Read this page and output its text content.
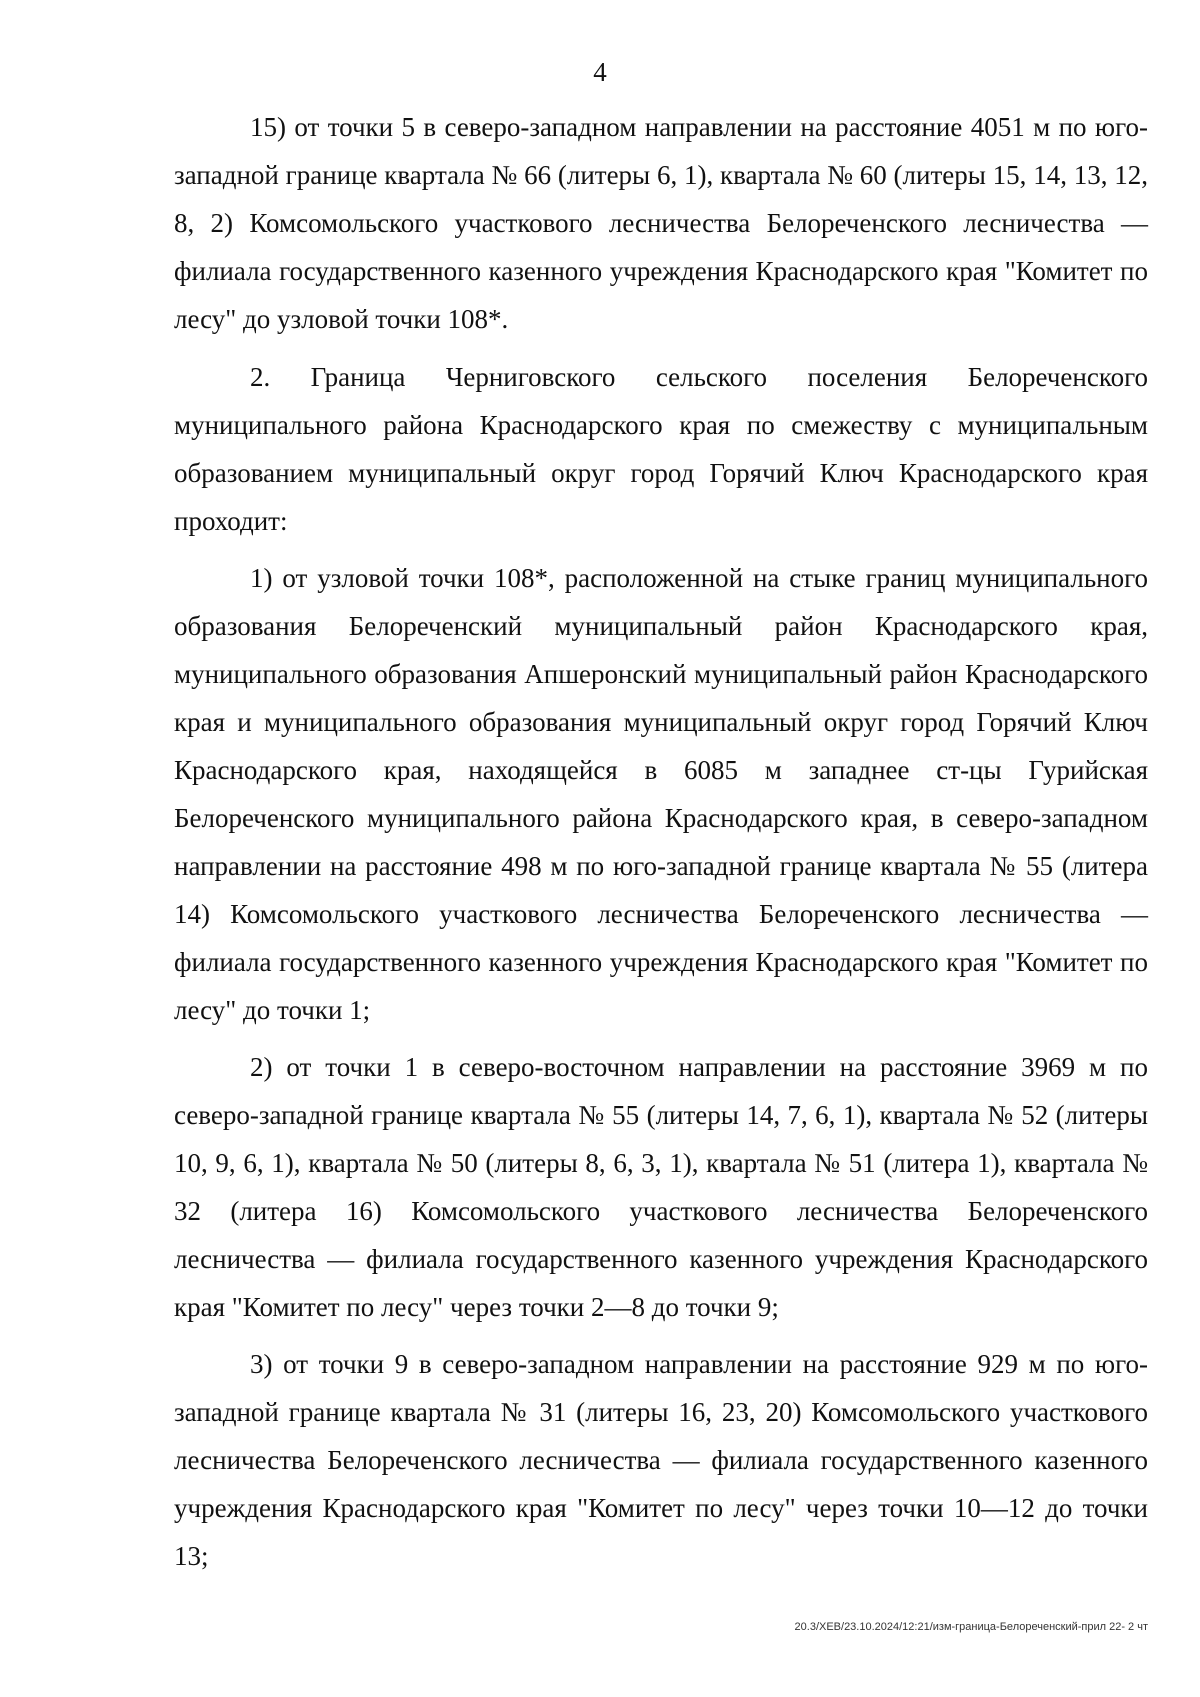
4

15) от точки 5 в северо-западном направлении на расстояние 4051 м по юго-западной границе квартала № 66 (литеры 6, 1), квартала № 60 (литеры 15, 14, 13, 12, 8, 2) Комсомольского участкового лесничества Белореченского лесничества — филиала государственного казенного учреждения Краснодарского края "Комитет по лесу" до узловой точки 108*.

2. Граница Черниговского сельского поселения Белореченского муниципального района Краснодарского края по смежеству с муниципальным образованием муниципальный округ город Горячий Ключ Краснодарского края проходит:

1) от узловой точки 108*, расположенной на стыке границ муниципального образования Белореченский муниципальный район Краснодарского края, муниципального образования Апшеронский муниципальный район Краснодарского края и муниципального образования муниципальный округ город Горячий Ключ Краснодарского края, находящейся в 6085 м западнее ст-цы Гурийская Белореченского муниципального района Краснодарского края, в северо-западном направлении на расстояние 498 м по юго-западной границе квартала № 55 (литера 14) Комсомольского участкового лесничества Белореченского лесничества — филиала государственного казенного учреждения Краснодарского края "Комитет по лесу" до точки 1;

2) от точки 1 в северо-восточном направлении на расстояние 3969 м по северо-западной границе квартала № 55 (литеры 14, 7, 6, 1), квартала № 52 (литеры 10, 9, 6, 1), квартала № 50 (литеры 8, 6, 3, 1), квартала № 51 (литера 1), квартала № 32 (литера 16) Комсомольского участкового лесничества Белореченского лесничества — филиала государственного казенного учреждения Краснодарского края "Комитет по лесу" через точки 2—8 до точки 9;

3) от точки 9 в северо-западном направлении на расстояние 929 м по юго-западной границе квартала № 31 (литеры 16, 23, 20) Комсомольского участкового лесничества Белореченского лесничества — филиала государственного казенного учреждения Краснодарского края "Комитет по лесу" через точки 10—12 до точки 13;

20.3/ХЕВ/23.10.2024/12:21/изм-граница-Белореченский-прил 22- 2 чт
